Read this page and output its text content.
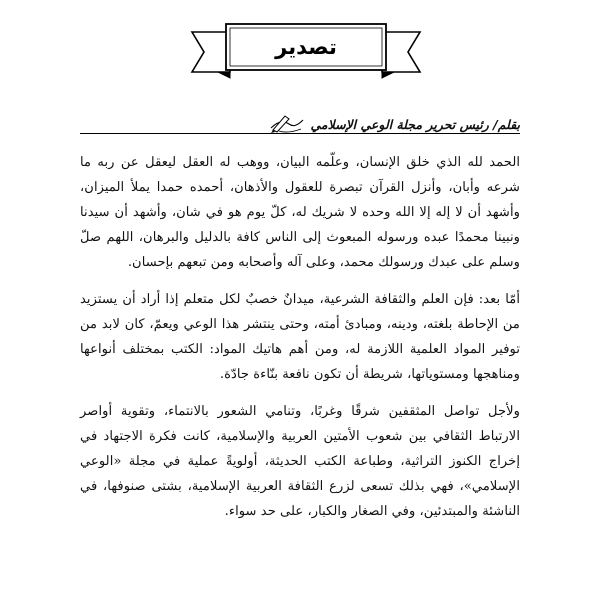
تصدير
بقلم/ رئيس تحرير مجلة الوعي الإسلامي

الحمد لله الذي خلق الإنسان، وعلّمه البيان، ووهب له العقل ليعقل عن ربه ما شرعه وأبان، وأنزل القرآن تبصرة للعقول والأذهان، أحمده حمدا يملأ الميزان، وأشهد أن لا إله إلا الله وحده لا شريك له، كلّ يوم هو في شان، وأشهد أن سيدنا ونبينا محمدًا عبده ورسوله المبعوث إلى الناس كافة بالدليل والبرهان، اللهم صلّ وسلم على عبدك ورسولك محمد، وعلى آله وأصحابه ومن تبعهم بإحسان.

أمّا بعد: فإن العلم والثقافة الشرعية، ميدانٌ خصبٌ لكل متعلم إذا أراد أن يستزيد من الإحاطة بلغته، ودينه، ومبادئ أمته، وحتى ينتشر هذا الوعي ويعمّ، كان لابد من توفير المواد العلمية اللازمة له، ومن أهم هاتيك المواد: الكتب بمختلف أنواعها ومناهجها ومستوياتها، شريطة أن تكون نافعة بنّاءة جادّة.

ولأجل تواصل المثقفين شرقًا وغربًا، وتنامي الشعور بالانتماء، وتقوية أواصر الارتباط الثقافي بين شعوب الأمتين العربية والإسلامية، كانت فكرة الاجتهاد في إخراج الكنوز التراثية، وطباعة الكتب الحديثة، أولويةً عملية في مجلة «الوعي الإسلامي»، فهي بذلك تسعى لزرع الثقافة العربية الإسلامية، بشتى صنوفها، في الناشئة والمبتدئين، وفي الصغار والكبار، على حد سواء.
